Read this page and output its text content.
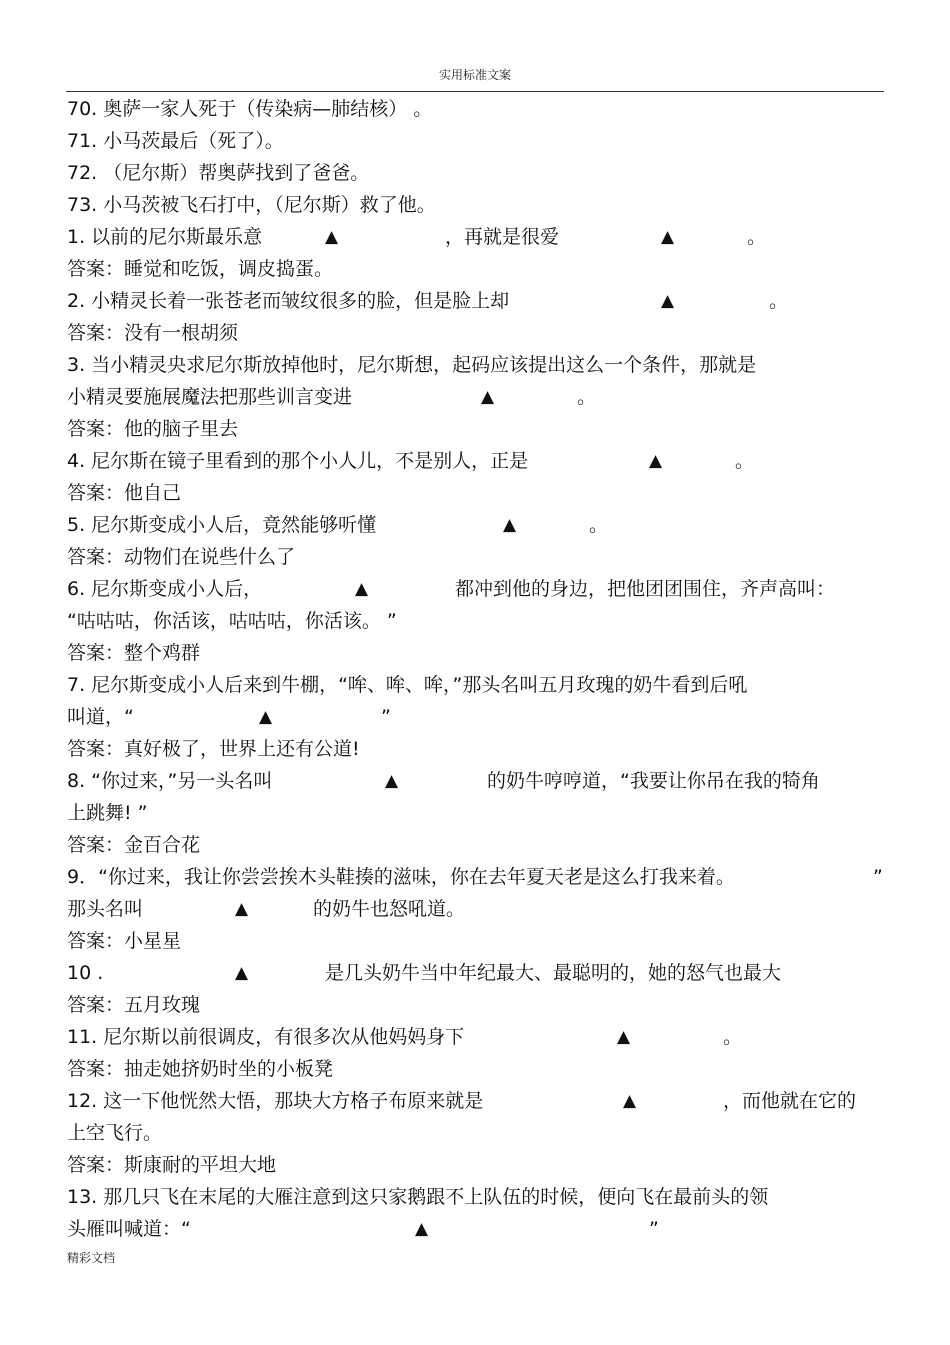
实用标准文案
70. 奥萨一家人死于（传染病—肺结核） 。
71. 小马茨最后（死了）。
72. （尼尔斯）帮奥萨找到了爸爸。
73. 小马茨被飞石打中，（尼尔斯）救了他。
1. 以前的尼尔斯最乐意	▲	，再就是很爱	▲	。
答案：睡觉和吃饭，调皮捣蛋。
2. 小精灵长着一张苍老而皱纹很多的脸，但是脸上却	▲	。
答案：没有一根胡须
3. 当小精灵央求尼尔斯放掉他时，尼尔斯想，起码应该提出这么一个条件，那就是
小精灵要施展魔法把那些训言变进	▲	。
答案：他的脑子里去
4. 尼尔斯在镜子里看到的那个小人儿，不是别人，正是	▲	。
答案：他自己
5. 尼尔斯变成小人后，竟然能够听懂	▲	。
答案：动物们在说些什么了
6. 尼尔斯变成小人后，	▲	都冲到他的身边，把他团团围住，齐声高叫：
“咕咕咕，你活该，咕咕咕，你活该。 ”
答案：整个鸡群
7. 尼尔斯变成小人后来到牛棚，“哞、哞、哞，”那头名叫五月玫瑰的奶牛看到后吼
叫道，“	▲	”
答案：真好极了，世界上还有公道!
8. “你过来，”另一头名叫	▲	的奶牛哼哼道，“我要让你吊在我的犄角
上跳舞! ”
答案：金百合花
9．“你过来，我让你尝尝挨木头鞋揍的滋味，你在去年夏天老是这么打我来着。	”
那头名叫	▲	的奶牛也怒吼道。
答案：小星星
10 .	▲	是几头奶牛当中年纪最大、最聪明的，她的怒气也最大
答案：五月玫瑰
11. 尼尔斯以前很调皮，有很多次从他妈妈身下	▲	。
答案：抽走她挤奶时坐的小板凳
12. 这一下他恍然大悟，那块大方格子布原来就是	▲	，而他就在它的
上空飞行。
答案：斯康耐的平坦大地
13. 那几只飞在末尾的大雁注意到这只家鹅跟不上队伍的时候，便向飞在最前头的领
头雁叫喊道：“	▲	”
精彩文档
